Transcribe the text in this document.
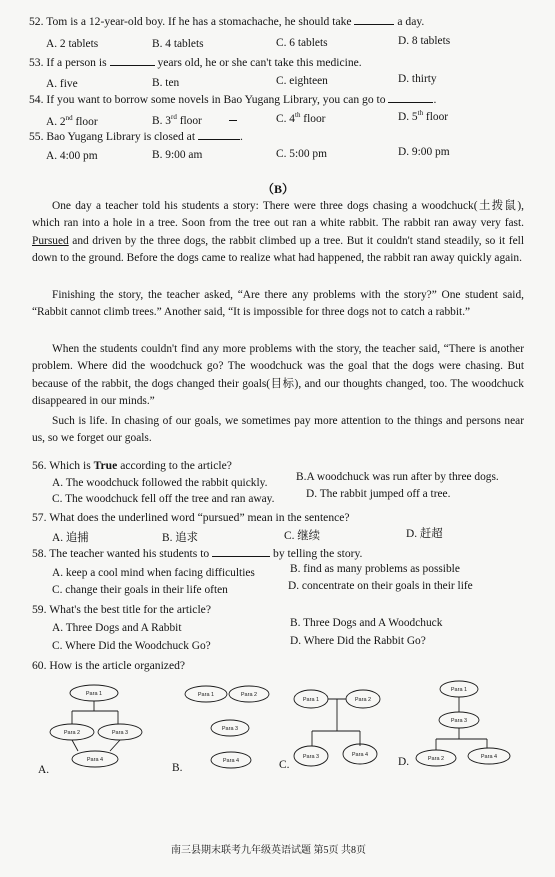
52. Tom is a 12-year-old boy. If he has a stomachache, he should take	a day.
A. 2 tablets	B. 4 tablets	C. 6 tablets	D. 8 tablets
53. If a person is	years old, he or she can't take this medicine.
A. five	B. ten	C. eighteen	D. thirty
54. If you want to borrow some novels in Bao Yugang Library, you can go to	.
A. 2nd floor	B. 3rd floor	C. 4th floor	D. 5th floor
55. Bao Yugang Library is closed at	.
A. 4:00 pm	B. 9:00 am	C. 5:00 pm	D. 9:00 pm
（B）
One day a teacher told his students a story: There were three dogs chasing a woodchuck(土拨鼠), which ran into a hole in a tree. Soon from the tree out ran a white rabbit. The rabbit ran away very fast. Pursued and driven by the three dogs, the rabbit climbed up a tree. But it couldn't stand steadily, so it fell down to the ground. Before the dogs came to realize what had happened, the rabbit ran away quickly again.
Finishing the story, the teacher asked, “Are there any problems with the story?” One student said, “Rabbit cannot climb trees.” Another said, “It is impossible for three dogs not to catch a rabbit.”
When the students couldn't find any more problems with the story, the teacher said, “There is another problem. Where did the woodchuck go? The woodchuck was the goal that the dogs were chasing. But because of the rabbit, the dogs changed their goals(目标), and our thoughts changed, too. The woodchuck disappeared in our minds.”
Such is life. In chasing of our goals, we sometimes pay more attention to the things and persons near us, so we forget our goals.
56. Which is True according to the article?
A. The woodchuck followed the rabbit quickly.	B.A woodchuck was run after by three dogs.
C. The woodchuck fell off the tree and ran away.	D. The rabbit jumped off a tree.
57. What does the underlined word “pursued” mean in the sentence?
A. 追捕	B. 追求	C. 继续	D. 赶超
58. The teacher wanted his students to	by telling the story.
A. keep a cool mind when facing difficulties	B. find as many problems as possible
C. change their goals in their life often	D. concentrate on their goals in their life
59. What's the best title for the article?
A. Three Dogs and A Rabbit	B. Three Dogs and A Woodchuck
C. Where Did the Woodchuck Go?	D. Where Did the Rabbit Go?
60. How is the article organized?
Para 1
Para 2	Para 3
Para 4
Para 1	Para 2
Para 3
Para 4
Para 1	Para 2
Para 3	Para 4
Para 1
Para 3
Para 2	Para 4
A.	B.	C.	D.
南三县期末联考九年级英语试题 第5页 共8页
